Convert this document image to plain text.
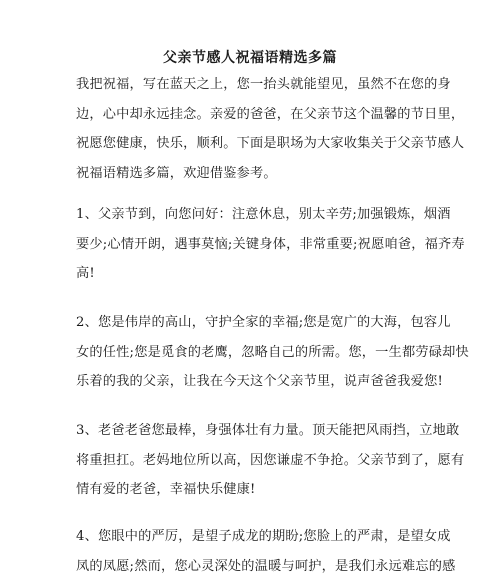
父亲节感人祝福语精选多篇
我把祝福，写在蓝天之上，您一抬头就能望见，虽然不在您的身
边，心中却永远挂念。亲爱的爸爸，在父亲节这个温馨的节日里，
祝愿您健康，快乐，顺利。下面是职场为大家收集关于父亲节感人
祝福语精选多篇，欢迎借鉴参考。
1、父亲节到，向您问好：注意休息，别太辛劳;加强锻炼，烟酒
要少;心情开朗，遇事莫恼;关键身体，非常重要;祝愿咱爸，福齐寿
高!
2、您是伟岸的高山，守护全家的幸福;您是宽广的大海，包容儿
女的任性;您是觅食的老鹰，忽略自己的所需。您，一生都劳碌却快
乐着的我的父亲，让我在今天这个父亲节里，说声爸爸我爱您!
3、老爸老爸您最棒，身强体壮有力量。顶天能把风雨挡，立地敢
将重担扛。老妈地位所以高，因您谦虚不争抢。父亲节到了，愿有
情有爱的老爸，幸福快乐健康!
4、您眼中的严厉，是望子成龙的期盼;您脸上的严肃，是望女成
凤的凤愿;然而，您心灵深处的温暖与呵护，是我们永远难忘的感
